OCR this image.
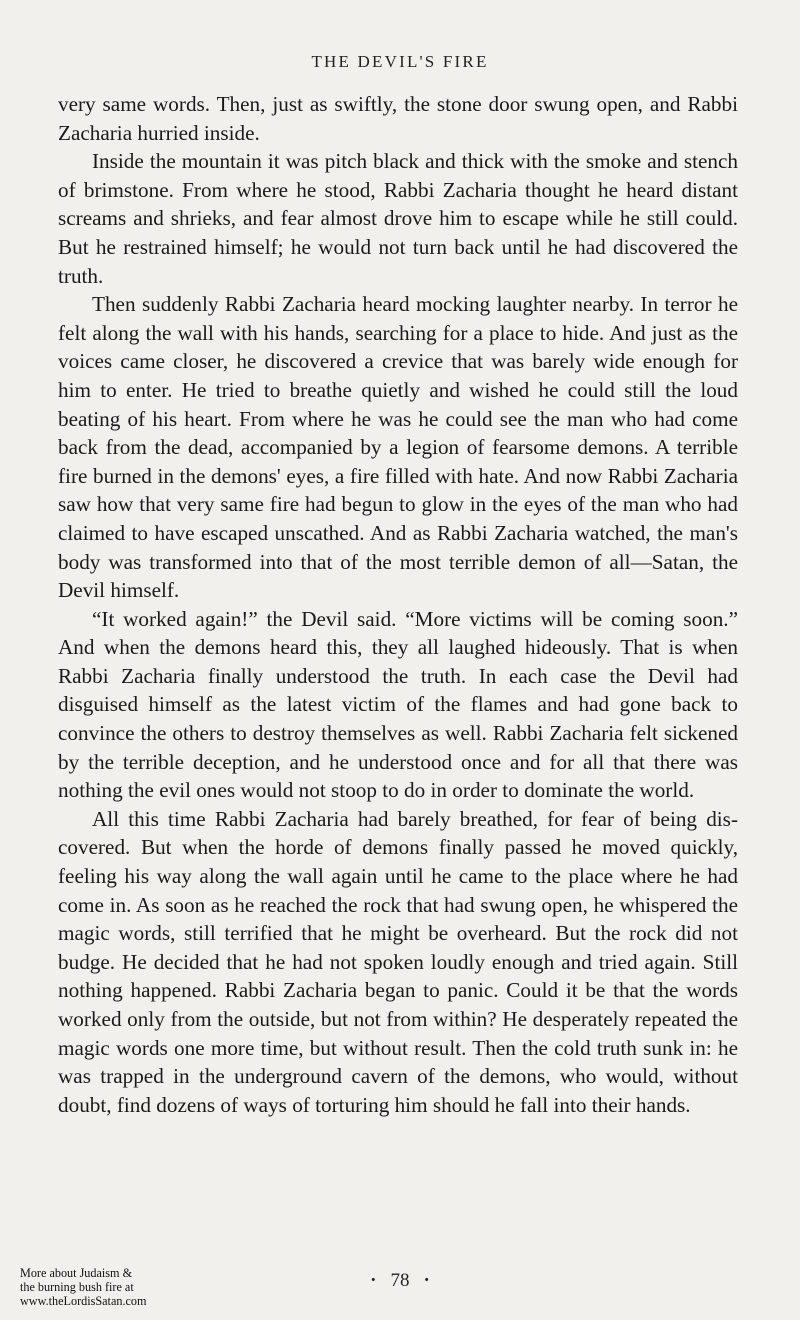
THE DEVIL'S FIRE

very same words. Then, just as swiftly, the stone door swung open, and Rabbi Zacharia hurried inside.

Inside the mountain it was pitch black and thick with the smoke and stench of brimstone. From where he stood, Rabbi Zacharia thought he heard distant screams and shrieks, and fear almost drove him to escape while he still could. But he restrained himself; he would not turn back until he had discovered the truth.

Then suddenly Rabbi Zacharia heard mocking laughter nearby. In terror he felt along the wall with his hands, searching for a place to hide. And just as the voices came closer, he discovered a crevice that was barely wide enough for him to enter. He tried to breathe quietly and wished he could still the loud beating of his heart. From where he was he could see the man who had come back from the dead, accompanied by a legion of fearsome demons. A terrible fire burned in the demons' eyes, a fire filled with hate. And now Rabbi Zacharia saw how that very same fire had begun to glow in the eyes of the man who had claimed to have escaped unscathed. And as Rabbi Zacharia watched, the man's body was transformed into that of the most terrible demon of all—Satan, the Devil himself.

“It worked again!” the Devil said. “More victims will be coming soon.” And when the demons heard this, they all laughed hideously. That is when Rabbi Zacharia finally understood the truth. In each case the Devil had disguised himself as the latest victim of the flames and had gone back to convince the others to destroy themselves as well. Rabbi Zacharia felt sickened by the terrible deception, and he understood once and for all that there was nothing the evil ones would not stoop to do in order to dominate the world.

All this time Rabbi Zacharia had barely breathed, for fear of being discovered. But when the horde of demons finally passed he moved quickly, feeling his way along the wall again until he came to the place where he had come in. As soon as he reached the rock that had swung open, he whispered the magic words, still terrified that he might be overheard. But the rock did not budge. He decided that he had not spoken loudly enough and tried again. Still nothing happened. Rabbi Zacharia began to panic. Could it be that the words worked only from the outside, but not from within? He desperately repeated the magic words one more time, but without result. Then the cold truth sunk in: he was trapped in the underground cavern of the demons, who would, without doubt, find dozens of ways of torturing him should he fall into their hands.

· 78 ·
More about Judaism &
the burning bush fire at
www.theLordisSatan.com
